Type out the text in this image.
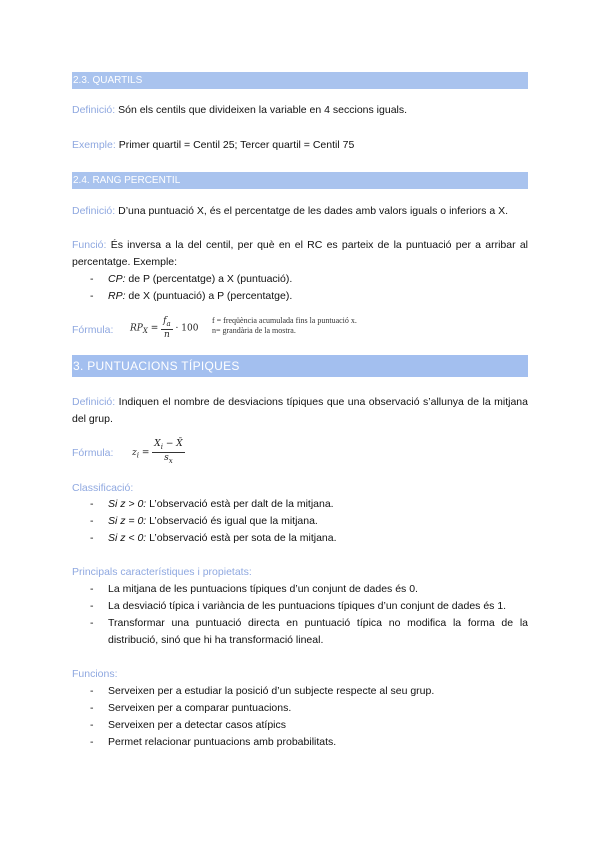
2.3. QUARTILS
Definició: Són els centils que divideixen la variable en 4 seccions iguals.
Exemple: Primer quartil = Centil 25; Tercer quartil = Centil 75
2.4. RANG PERCENTIL
Definició: D’una puntuació X, és el percentatge de les dades amb valors iguals o inferiors a X.
Funció: És inversa a la del centil, per què en el RC es parteix de la puntuació per a arribar al percentatge. Exemple:
-	CP: de P (percentatge) a X (puntuació).
-	RP: de X (puntuació) a P (percentatge).
Fórmula:	$RP_X = \frac{f_a}{n} \cdot 100$
f = freqüència acumulada fins la puntuació x.
n= grandària de la mostra.
3. PUNTUACIONS TÍPIQUES
Definició: Indiquen el nombre de desviacions típiques que una observació s’allunya de la mitjana del grup.
Fórmula:	$z_i = \frac{X_i - X̄}{s_x}$
Classificació:
-	Si z > 0: L’observació està per dalt de la mitjana.
-	Si z = 0: L’observació és igual que la mitjana.
-	Si z < 0: L’observació està per sota de la mitjana.
Principals característiques i propietats:
-	La mitjana de les puntuacions típiques d’un conjunt de dades és 0.
-	La desviació típica i variància de les puntuacions típiques d’un conjunt de dades és 1.
-	Transformar una puntuació directa en puntuació típica no modifica la forma de la distribució, sinó que hi ha transformació lineal.
Funcions:
-	Serveixen per a estudiar la posició d’un subjecte respecte al seu grup.
-	Serveixen per a comparar puntuacions.
-	Serveixen per a detectar casos atípics
-	Permet relacionar puntuacions amb probabilitats.
